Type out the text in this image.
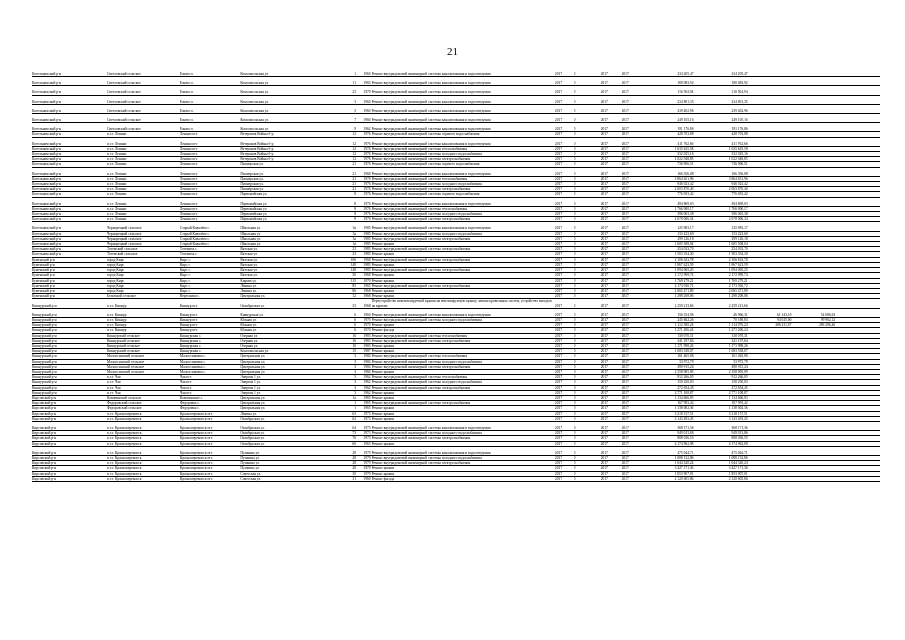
21
Котельничский р-н	Светловский сельское	Ежово п.	Комсомольская ул.	1	1960	Ремонт внутридомовой инженерной системы канализования и водоотведения	2017	0	2017	2017	234 205,47	234 205,47			

Котельничский р-н	Светловский сельское	Ежово п.	Комсомольская ул.	11	1965	Ремонт внутридомовой инженерной системы канализования и водоотведения	2017	0	2017	2017	180 083,92	180 083,92			

Котельничский р-н	Светловский сельское	Ежово п.	Комсомольская ул.	23	1970	Ремонт внутридомовой инженерной системы канализования и водоотведения	2017	0	2017	2017	116 504,94	116 504,94			

Котельничский р-н	Светловский сельское	Ежово п.	Комсомольская ул.	3	1960	Ремонт внутридомовой инженерной системы канализования и водоотведения	2017	0	2017	2017	234 801,35	234 801,35			

Котельничский р-н	Светловский сельское	Ежово п.	Комсомольская ул.	5	1960	Ремонт внутридомовой инженерной системы канализования и водоотведения	2017	0	2017	2017	239 402,96	239 402,96			

Котельничский р-н	Светловский сельское	Ежово п.	Комсомольская ул.	7	1960	Ремонт внутридомовой инженерной системы канализования и водоотведения	2017	0	2017	2017	249 105,16	249 105,16			

Котельничский р-н	Светловский сельское	Ежово п.	Комсомольская ул.	9	1962	Ремонт внутридомовой инженерной системы канализования и водоотведения	2017	0	2017	2017	191 176,86	191 176,86			
Котельничский р-н	п.г.т. Ленино	Ленино пгт.	Ветеранов Войны б-р	12	1976	Ремонт внутридомовой инженерной системы горячего водоснабжения	2017	0	2017	2017	428 703,88	428 703,88			

Котельничский р-н	п.г.т. Ленино	Ленино пгт.	Ветеранов Войны б-р	12	1976	Ремонт внутридомовой инженерной системы канализования и водоотведения	2017	0	2017	2017	411 762,66	411 762,66			
Котельничский р-н	п.г.т. Ленино	Ленино пгт.	Ветеранов Войны б-р	12	1976	Ремонт внутридомовой инженерной системы теплоснабжения	2017	0	2017	2017	1 635 625,58	1 635 625,58			
Котельничский р-н	п.г.т. Ленино	Ленино пгт.	Ветеранов Войны б-р	12	1976	Ремонт внутридомовой инженерной системы холодного водоснабжения	2017	0	2017	2017	332 025,16	332 025,16			
Котельничский р-н	п.г.т. Ленино	Ленино пгт.	Ветеранов Войны б-р	12	1976	Ремонт внутридомовой инженерной системы электроснабжения	2017	0	2017	2017	1 022 948,85	1 022 948,85			
Котельничский р-н	п.г.т. Ленино	Ленино пгт.	Пионерская ул.	21	1976	Ремонт внутридомовой инженерной системы горячего водоснабжения	2017	0	2017	2017	736 906,51	736 906,51			

Котельничский р-н	п.г.т. Ленино	Ленино пгт.	Пионерская ул.	21	1968	Ремонт внутридомовой инженерной системы канализования и водоотведения	2017	0	2017	2017	166 356,08	166 356,08			
Котельничский р-н	п.г.т. Ленино	Ленино пгт.	Пионерская ул.	21	1976	Ремонт внутридомовой инженерной системы теплоснабжения	2017	0	2017	2017	3 864 651,96	3 864 651,96			
Котельничский р-н	п.г.т. Ленино	Ленино пгт.	Пионерская ул.	21	1976	Ремонт внутридомовой инженерной системы холодного водоснабжения	2017	0	2017	2017	946 023,42	946 023,42			
Котельничский р-н	п.г.т. Ленино	Ленино пгт.	Пионерская ул.	21	1976	Ремонт внутридомовой инженерной системы электроснабжения	2017	0	2017	2017	2 603 870,40	2 603 870,40			
Котельничский р-н	п.г.т. Ленино	Ленино пгт.	Первомайская ул.	8	1976	Ремонт внутридомовой инженерной системы горячего водоснабжения	2017	0	2017	2017	776 053,42	776 053,42			

Котельничский р-н	п.г.т. Ленино	Ленино пгт.	Первомайская ул.	8	1976	Ремонт внутридомовой инженерной системы канализования и водоотведения	2017	0	2017	2017	494 869,03	494 869,03			
Котельничский р-н	п.г.т. Ленино	Ленино пгт.	Первомайская ул.	8	1976	Ремонт внутридомовой инженерной системы теплоснабжения	2017	0	2017	2017	1 766 900,17	1 766 900,17			
Котельничский р-н	п.г.т. Ленино	Ленино пгт.	Первомайская ул.	8	1976	Ремонт внутридомовой инженерной системы холодного водоснабжения	2017	0	2017	2017	396 063,38	396 063,38			
Котельничский р-н	п.г.т. Ленино	Ленино пгт.	Первомайская ул.	8	1976	Ремонт внутридомовой инженерной системы электроснабжения	2017	0	2017	2017	2 678 006,34	2 678 006,34			

Котельничский р-н	Чернорецкий сельское	Старый Ковалёво с.	Школьная ул.	3а	1985	Ремонт внутридомовой инженерной системы канализования и водоотведения	2017	0	2017	2017	125 983,17	125 983,17			
Котельничский р-н	Чернорецкий сельское	Старый Ковалёво с.	Школьная ул.	3а	1985	Ремонт внутридомовой инженерной системы холодного водоснабжения	2017	0	2017	2017	133 423,60	133 423,60			
Котельничский р-н	Чернорецкий сельское	Старый Ковалёво с.	Школьная ул.	3а	1985	Ремонт внутридомовой инженерной системы электроснабжения	2017	0	2017	2017	299 126,18	299 126,18			
Котельничский р-н	Чернорецкий сельское	Старый Ковалёво с.	Школьная ул.	3а	1985	Ремонт крыши	2017	0	2017	2017	1 605 508,04	1 605 508,04			
Котельничский р-н	Тотемский сельское	Тотемиха с.	Вятская ул.	23	1985	Ремонт внутридомовой инженерной системы электроснабжения	2017	0	2017	2017	254 033,70	254 033,70			
Котельничский р-н	Тотемский сельское	Тотемиха с.	Вятская ул.	23	1985	Ремонт крыши	2017	0	2017	2017	1 503 354,30	1 503 354,30			
Куменский р-н	город Кирс	Кирс с.	Вятская ул.	106	1968	Ремонт внутридомовой инженерной системы электроснабжения	2017	0	2017	2017	2 106 633,78	2 106 633,78			
Куменский р-н	город Кирс	Кирс с.	Вятская ул.	148	1985	Ремонт крыши	2017	0	2017	2017	1 867 623,59	1 867 623,59			
Куменский р-н	город Кирс	Кирс с.	Вятская ул.	148	1985	Ремонт внутридомовой инженерной системы электроснабжения	2017	0	2017	2017	1 094 065,25	1 094 065,25			
Куменский р-н	город Кирс	Кирс с.	Вятская ул.	56	1968	Ремонт крыши	2017	0	2017	2017	2 172 999,74	2 172 999,74			
Куменский р-н	город Кирс	Кирс с.	Кирова ул.	115	1970	Ремонт крыши	2017	0	2017	2017	1 769 279,21	1 769 279,21			
Куменский р-н	город Кирс	Кирс с.	Ленина ул.	85	1965	Ремонт внутридомовой инженерной системы электроснабжения	2017	0	2017	2017	2 173 030,72	2 173 030,72			
Куменский р-н	город Кирс	Кирс с.	Ленина ул.	86	1968	Ремонт крыши	2017	0	2017	2017	2 065 471,89	2 065 471,89			
Куменский р-н	Бельтный сельское	Вересники с.	Центральная ул.	12	1968	Ремонт крыши	2017	0	2017	2017	1 298 208,06	1 298 208,06			
Кикнурский р-н	п.г.т. Кикнур	Кикнур пгт.	Октябрьская ул.	33	1968	Переустройство невентилируемой крыши на вентилируемую крышу, замена кровельных систем, устройство выходов на кровлю	2017	0	2017	2017	2 259 213,66	2 259 213,66			

Кикнурский р-н	п.г.т. Кикнур	Кикнур пгт.	Кикнурская ул.	6	1960	Ремонт внутридомовой инженерной системы канализования и водоотведения	2017	0	2017	2017	156 354,96	46 966,31	61 143,10	54 686,63	
Кикнурский р-н	п.г.т. Кикнур	Кикнур пгт.	Южная ул.	6	1970	Ремонт внутридомовой инженерной системы холодного водоснабжения	2017	0	2017	2017	245 662,26	70 180,83	94 025,00	99 902,12	
Кикнурский р-н	п.г.т. Кикнур	Кикнур пгт.	Южная ул.	6	1970	Ремонт крыши	2017	0	2017	2017	1 112 500,24	1 114 076,24	286 411,07	286 286,40	
Кикнурский р-н	п.г.т. Кикнур	Кикнур пгт.	Южная ул.	6	1970	Ремонт фасада	2017	0	2017	2017	1 271 206,24	1 271 206,24			
Кикнурский р-н	Кикнурский сельское	Кикнурская с.	Озерная ул.	16	1983	Ремонт внутридомовой инженерной системы теплоснабжения	2017	0	2017	2017	130 070,31	130 070,31			
Кикнурский р-н	Кикнурский сельское	Кикнурская с.	Озерная ул.	16	1983	Ремонт внутридомовой инженерной системы электроснабжения	2017	0	2017	2017	341 197,84	341 197,84			
Кикнурский р-н	Кикнурский сельское	Кикнурская с.	Озерная ул.	16	1983	Ремонт крыши	2017	0	2017	2017	1 171 998,26	1 171 998,26			
Кикнурский р-н	Кикнурский сельское	Кикнурская с.	Комсомольская ул.	15	1987	Ремонт крыши	2017	0	2017	2017	1 683 538,07	1 683 538,07			
Кикнурский р-н	Малоосинский сельское	Малоосиновка с.	Центральная ул.	3	1984	Ремонт внутридомовой инженерной системы теплоснабжения	2017	0	2017	2017	161 465,06	161 465,06			
Кикнурский р-н	Малоосинский сельское	Малоосиновка с.	Центральная ул.	3	1984	Ремонт внутридомовой инженерной системы холодного водоснабжения	2017	0	2017	2017	33 972,79	33 972,79			
Кикнурский р-н	Малоосинский сельское	Малоосиновка с.	Центральная ул.	3	1984	Ремонт внутридомовой инженерной системы электроснабжения	2017	0	2017	2017	490 915,24	490 915,24			
Кикнурский р-н	Малоосинский сельское	Малоосиновка с.	Центральная ул.	3	1984	Ремонт крыши	2017	0	2017	2017	2 358 905,09	2 358 905,09			
Кикнурский р-н	п.г.т. Чая	Чая пгт.	Энергия 1 ул.	3	1962	Ремонт внутридомовой инженерной системы теплоснабжения	2017	0	2017	2017	912 266,05	912 266,05			
Кикнурский р-н	п.г.т. Чая	Чая пгт.	Энергия 1 ул.	3	1962	Ремонт внутридомовой инженерной системы холодного водоснабжения	2017	0	2017	2017	150 250,03	150 250,03			
Кикнурский р-н	п.г.т. Чая	Чая пгт.	Энергия 1 ул.	3	1962	Ремонт внутридомовой инженерной системы электроснабжения	2017	0	2017	2017	272 654,45	272 654,45			
Кикнурский р-н	п.г.т. Чая	Чая пгт.	Энергия 1 ул.	3	1962	Ремонт крыши	2017	0	2017	2017	2 771 108,87	2 771 108,87			
Кирсовский р-н	Коковинский сельское	Коковинские с.	Центральная ул.	1а	1965	Ремонт крыши	2017	0	2017	2017	1 134 666,93	1 134 666,93			
Кирсовский р-н	Федоровский сельское	Федоровка с.	Центральная ул.	1	1965	Ремонт внутридомовой инженерной системы электроснабжения	2017	0	2017	2017	167 993,42	167 993,42			
Кирсовский р-н	Федоровский сельское	Федоровка с.	Центральная ул.	1	1965	Ремонт крыши	2017	0	2017	2017	1 138 002,36	1 138 002,36			
Кирсовский р-н	п.г.т. Красноперекопск	Красноперекопск пгт.	Ленина ул.	63	1973	Ремонт крыши	2017	0	2017	2017	3 218 157,51	3 218 157,51			
Кирсовский р-н	п.г.т. Красноперекопск	Красноперекопск пгт.	Октябрьская ул.	62	1973	Ремонт крыши	2017	0	2017	2017	3 143 493,45	3 143 493,45			

Кирсовский р-н	п.г.т. Красноперекопск	Красноперекопск пгт.	Октябрьская ул.	64	1973	Ремонт внутридомовой инженерной системы канализования и водоотведения	2017	0	2017	2017	368 171,36	368 171,36			
Кирсовский р-н	п.г.т. Красноперекопск	Красноперекопск пгт.	Октябрьская ул.	73	1973	Ремонт внутридомовой инженерной системы холодного водоснабжения	2017	0	2017	2017	949 013,86	949 013,86			
Кирсовский р-н	п.г.т. Красноперекопск	Красноперекопск пгт.	Октябрьская ул.	76	1973	Ремонт внутридомовой инженерной системы электроснабжения	2017	0	2017	2017	808 036,55	808 036,55			
Кирсовский р-н	п.г.т. Красноперекопск	Красноперекопск пгт.	Октябрьская ул.	66	1963	Ремонт крыши	2017	0	2017	2017	4 174 962,08	4 174 962,08			

Кирсовский р-н	п.г.т. Красноперекопск	Красноперекопск пгт.	Пушкина ул.	28	1979	Ремонт внутридомовой инженерной системы канализования и водоотведения	2017	0	2017	2017	475 044,71	475 044,71			
Кирсовский р-н	п.г.т. Красноперекопск	Красноперекопск пгт.	Пушкина ул.	28	1979	Ремонт внутридомовой инженерной системы холодного водоснабжения	2017	0	2017	2017	1 088 132,86	1 088 132,86			
Кирсовский р-н	п.г.т. Красноперекопск	Красноперекопск пгт.	Пушкина ул.	28	1979	Ремонт внутридомовой инженерной системы электроснабжения	2017	0	2017	2017	1 044 320,24	1 044 320,24			
Кирсовский р-н	п.г.т. Красноперекопск	Красноперекопск пгт.	Пушкина ул.	28	1979	Ремонт крыши	2017	0	2017	2017	3 427 171,36	3 427 171,36			
Кирсовский р-н	п.г.т. Красноперекопск	Красноперекопск пгт.	Советская ул.	30	1979	Ремонт крыши	2017	0	2017	2017	1 853 907,01	1 853 907,01			
Кирсовский р-н	п.г.т. Красноперекопск	Красноперекопск пгт.	Советская ул.	31	1960	Ремонт фасада	2017	0	2017	2017	2 120 605,86	2 120 605,86			
